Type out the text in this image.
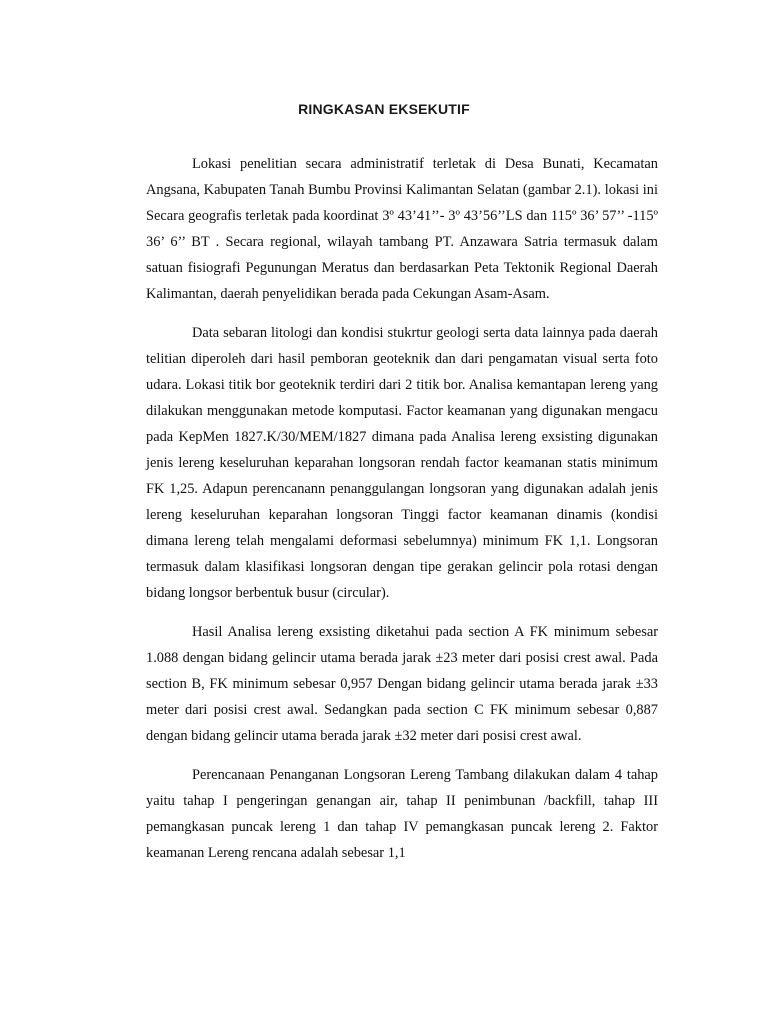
RINGKASAN EKSEKUTIF

Lokasi penelitian secara administratif terletak di Desa Bunati, Kecamatan Angsana, Kabupaten Tanah Bumbu Provinsi Kalimantan Selatan (gambar 2.1). lokasi ini Secara geografis terletak pada koordinat 3º 43’41’’- 3º 43’56’’LS dan 115º 36’ 57’’ -115º 36’ 6’’ BT . Secara regional, wilayah tambang PT. Anzawara Satria termasuk dalam satuan fisiografi Pegunungan Meratus dan berdasarkan Peta Tektonik Regional Daerah Kalimantan, daerah penyelidikan berada pada Cekungan Asam-Asam.

Data sebaran litologi dan kondisi stukrtur geologi serta data lainnya pada daerah telitian diperoleh dari hasil pemboran geoteknik dan dari pengamatan visual serta foto udara. Lokasi titik bor geoteknik terdiri dari 2 titik bor. Analisa kemantapan lereng yang dilakukan menggunakan metode komputasi. Factor keamanan yang digunakan mengacu pada KepMen 1827.K/30/MEM/1827 dimana pada Analisa lereng exsisting digunakan jenis lereng keseluruhan keparahan longsoran rendah factor keamanan statis minimum FK 1,25. Adapun perencanann penanggulangan longsoran yang digunakan adalah jenis lereng keseluruhan keparahan longsoran Tinggi factor keamanan dinamis (kondisi dimana lereng telah mengalami deformasi sebelumnya) minimum FK 1,1. Longsoran termasuk dalam klasifikasi longsoran dengan tipe gerakan gelincir pola rotasi dengan bidang longsor berbentuk busur (circular).

Hasil Analisa lereng exsisting diketahui pada section A FK minimum sebesar 1.088 dengan bidang gelincir utama berada jarak ±23 meter dari posisi crest awal. Pada section B, FK minimum sebesar 0,957 Dengan bidang gelincir utama berada jarak ±33 meter dari posisi crest awal. Sedangkan pada section C FK minimum sebesar 0,887 dengan bidang gelincir utama berada jarak ±32 meter dari posisi crest awal.

Perencanaan Penanganan Longsoran Lereng Tambang dilakukan dalam 4 tahap yaitu tahap I pengeringan genangan air, tahap II penimbunan /backfill, tahap III pemangkasan puncak lereng 1 dan tahap IV pemangkasan puncak lereng 2. Faktor keamanan Lereng rencana adalah sebesar 1,1
